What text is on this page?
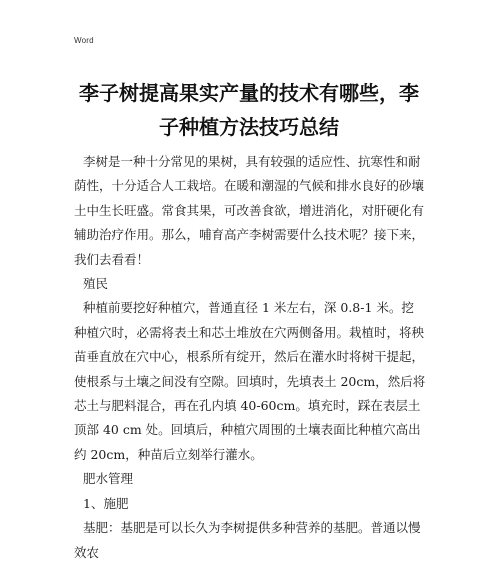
Word
李子树提高果实产量的技术有哪些，李子种植方法技巧总结

李树是一种十分常见的果树，具有较强的适应性、抗寒性和耐荫性，十分适合人工栽培。在暖和潮湿的气候和排水良好的砂壤土中生长旺盛。常食其果，可改善食欲，增进消化，对肝硬化有辅助治疗作用。那么，哺育高产李树需要什么技术呢？接下来，我们去看看！

殖民

种植前要挖好种植穴，普通直径 1 米左右，深 0.8-1 米。挖种植穴时，必需将表土和芯土堆放在穴两侧备用。栽植时，将秧苗垂直放在穴中心，根系所有绽开，然后在灌水时将树干提起，使根系与土壤之间没有空隙。回填时，先填表土 20cm，然后将芯土与肥料混合，再在孔内填 40-60cm。填充时，踩在表层土顶部 40 cm 处。回填后，种植穴周围的土壤表面比种植穴高出约 20cm，种苗后立刻举行灌水。

肥水管理

1、施肥

基肥：基肥是可以长久为李树提供多种营养的基肥。普通以慢效农
